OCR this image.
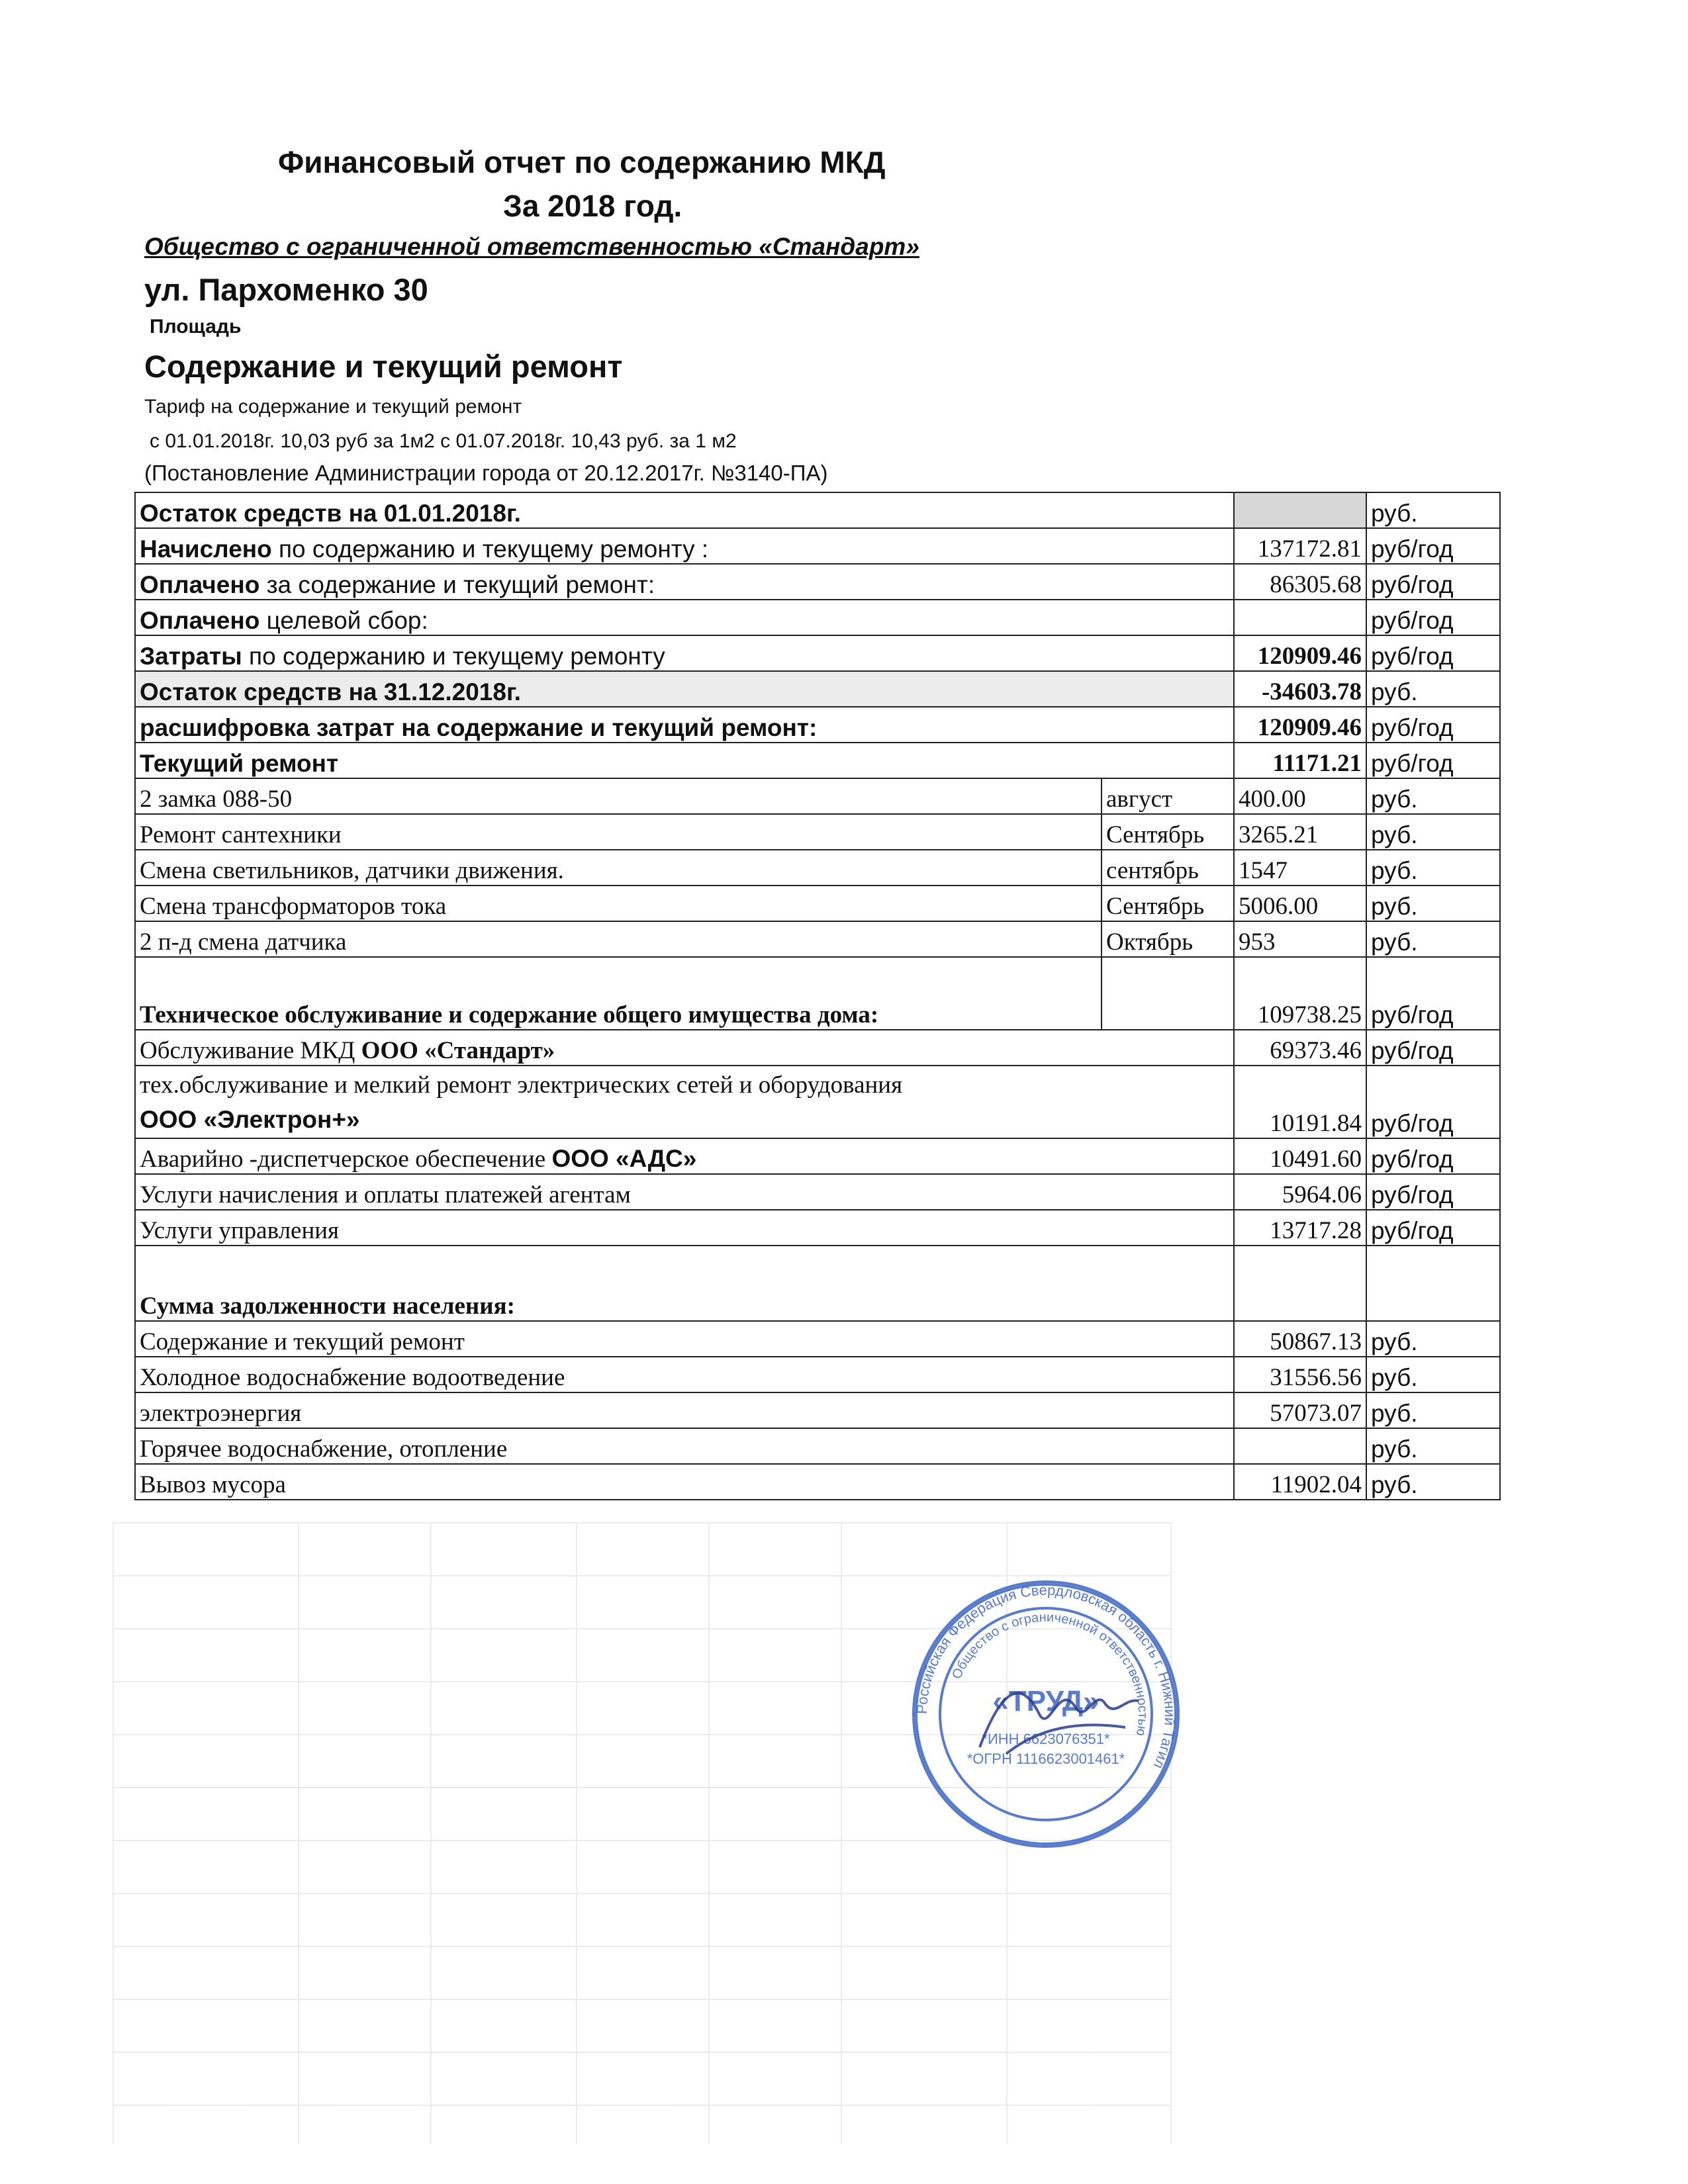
Финансовый отчет по содержанию МКД
За 2018 год.
Общество с ограниченной ответственностью «Стандарт»
ул. Пархоменко 30
Площадь
Содержание и текущий ремонт
Тариф на содержание и текущий ремонт
с 01.01.2018г. 10,03 руб за 1м2 с 01.07.2018г. 10,43 руб. за 1 м2
(Постановление Администрации города от 20.12.2017г. №3140-ПА)
Остаток средств на 01.01.2018г.			руб.
Начислено по содержанию и текущему ремонту :		137172.81	руб/год
Оплачено за содержание и текущий ремонт:		86305.68	руб/год
Оплачено целевой сбор:			руб/год
Затраты по содержанию и текущему ремонту		120909.46	руб/год
Остаток средств на 31.12.2018г.		-34603.78	руб.
расшифровка затрат на содержание и текущий ремонт:		120909.46	руб/год
Текущий ремонт		11171.21	руб/год
2 замка 088-50	август	400.00	руб.
Ремонт сантехники	Сентябрь	3265.21	руб.
Смена светильников, датчики движения.	сентябрь	1547	руб.
Смена трансформаторов тока	Сентябрь	5006.00	руб.
2 п-д смена датчика	Октябрь	953	руб.
Техническое обслуживание и содержание общего имущества дома:		109738.25	руб/год
Обслуживание МКД ООО «Стандарт»		69373.46	руб/год
тех.обслуживание и мелкий ремонт электрических сетей и оборудования
ООО «Электрон+»		10191.84	руб/год
Аварийно -диспетчерское обеспечение ООО «АДС»		10491.60	руб/год
Услуги начисления и оплаты платежей агентам		5964.06	руб/год
Услуги управления		13717.28	руб/год
Сумма задолженности населения:			
Содержание и текущий ремонт		50867.13	руб.
Холодное водоснабжение водоотведение		31556.56	руб.
электроэнергия		57073.07	руб.
Горячее водоснабжение, отопление			руб.
Вывоз мусора		11902.04	руб.
Российская Федерация Свердловская область г. Нижний Тагил
Общество с ограниченной ответственностью
«ТРУД»
*ИНН 6623076351*
*ОГРН 1116623001461*
